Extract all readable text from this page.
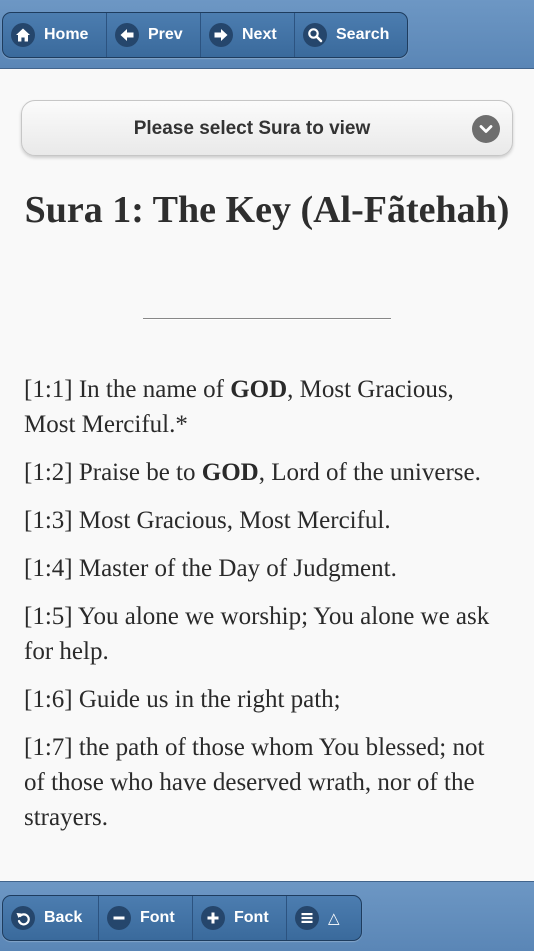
Home	Prev	Next	Search
Please select Sura to view
Sura 1: The Key (Al-Fãtehah)

[1:1] In the name of GOD, Most Gracious, Most Merciful.*

[1:2] Praise be to GOD, Lord of the universe.

[1:3] Most Gracious, Most Merciful.

[1:4] Master of the Day of Judgment.

[1:5] You alone we worship; You alone we ask for help.

[1:6] Guide us in the right path;

[1:7] the path of those whom You blessed; not of those who have deserved wrath, nor of the strayers.

Back	Font	Font	△
